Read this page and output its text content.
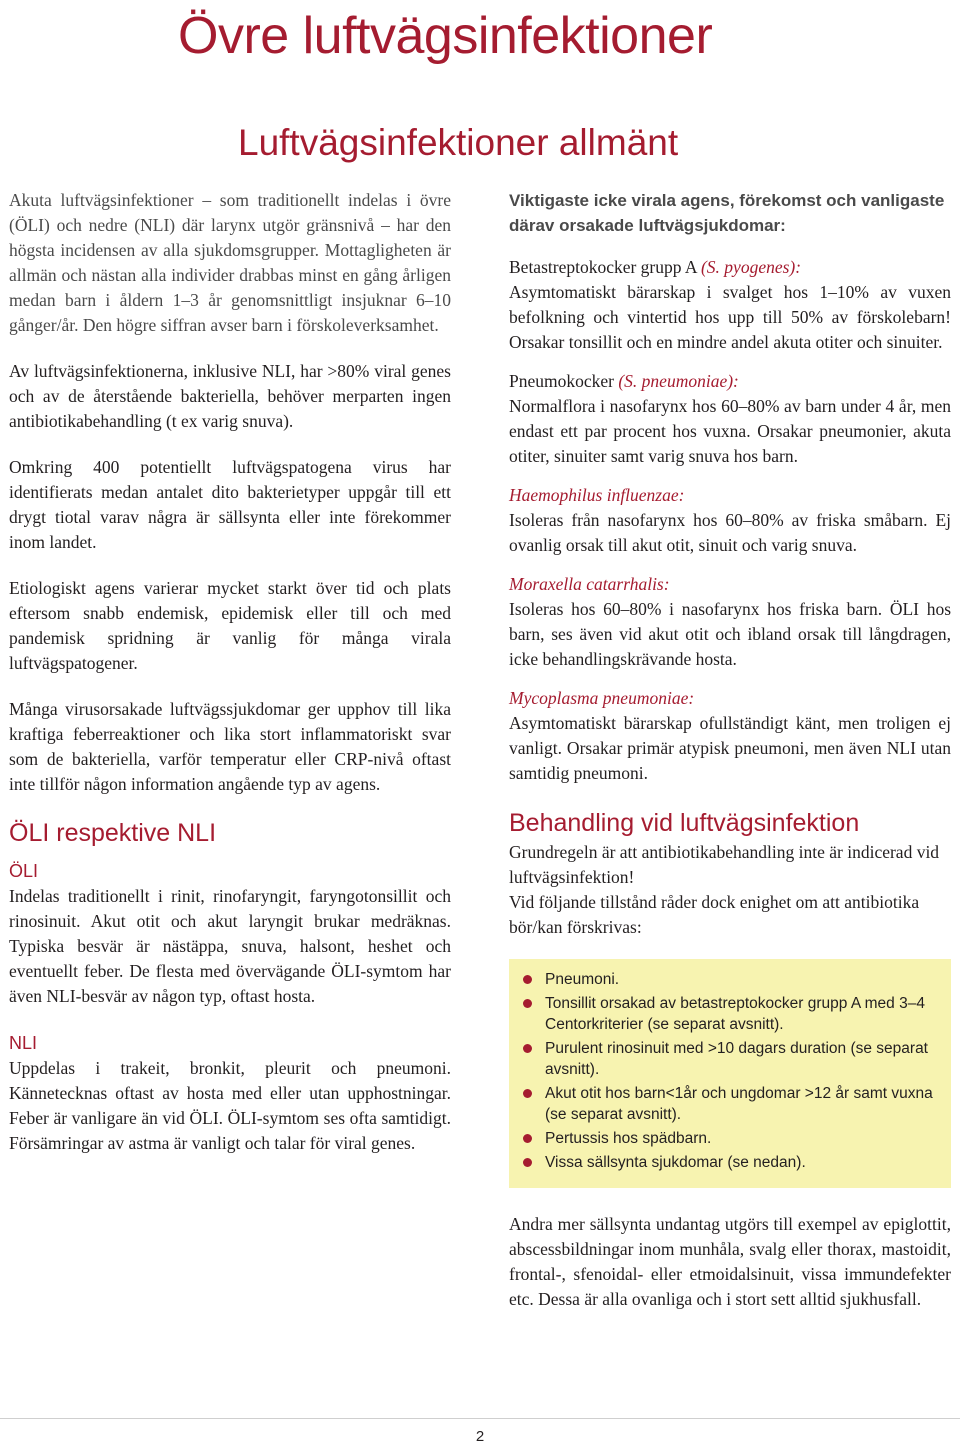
Övre luftvägsinfektioner
Luftvägsinfektioner allmänt

Akuta luftvägsinfektioner – som traditionellt indelas i övre (ÖLI) och nedre (NLI) där larynx utgör gränsnivå – har den högsta incidensen av alla sjukdomsgrupper. Mottagligheten är allmän och nästan alla individer drabbas minst en gång årligen medan barn i åldern 1–3 år genomsnittligt insjuknar 6–10 gånger/år. Den högre siffran avser barn i förskoleverksamhet.

Av luftvägsinfektionerna, inklusive NLI, har >80% viral genes och av de återstående bakteriella, behöver merparten ingen antibiotikabehandling (t ex varig snuva).

Omkring 400 potentiellt luftvägspatogena virus har identifierats medan antalet dito bakterietyper uppgår till ett drygt tiotal varav några är sällsynta eller inte förekommer inom landet.

Etiologiskt agens varierar mycket starkt över tid och plats eftersom snabb endemisk, epidemisk eller till och med pandemisk spridning är vanlig för många virala luftvägspatogener.

Många virusorsakade luftvägssjukdomar ger upphov till lika kraftiga feberreaktioner och lika stort inflammatoriskt svar som de bakteriella, varför temperatur eller CRP-nivå oftast inte tillför någon information angående typ av agens.

ÖLI respektive NLI
ÖLI

Indelas traditionellt i rinit, rinofaryngit, faryngotonsillit och rinosinuit. Akut otit och akut laryngit brukar medräknas. Typiska besvär är nästäppa, snuva, halsont, heshet och eventuellt feber. De flesta med övervägande ÖLI-symtom har även NLI-besvär av någon typ, oftast hosta.

NLI

Uppdelas i trakeit, bronkit, pleurit och pneumoni. Kännetecknas oftast av hosta med eller utan upphostningar. Feber är vanligare än vid ÖLI. ÖLI-symtom ses ofta samtidigt. Försämringar av astma är vanligt och talar för viral genes.

Viktigaste icke virala agens, förekomst och vanligaste därav orsakade luftvägsjukdomar:
Betastreptokocker grupp A (S. pyogenes):

Asymtomatiskt bärarskap i svalget hos 1–10% av vuxen befolkning och vintertid hos upp till 50% av förskolebarn! Orsakar tonsillit och en mindre andel akuta otiter och sinuiter.

Pneumokocker (S. pneumoniae):

Normalflora i nasofarynx hos 60–80% av barn under 4 år, men endast ett par procent hos vuxna. Orsakar pneumonier, akuta otiter, sinuiter samt varig snuva hos barn.

Haemophilus influenzae:

Isoleras från nasofarynx hos 60–80% av friska småbarn. Ej ovanlig orsak till akut otit, sinuit och varig snuva.

Moraxella catarrhalis:

Isoleras hos 60–80% i nasofarynx hos friska barn. ÖLI hos barn, ses även vid akut otit och ibland orsak till långdragen, icke behandlingskrävande hosta.

Mycoplasma pneumoniae:

Asymtomatiskt bärarskap ofullständigt känt, men troligen ej vanligt. Orsakar primär atypisk pneumoni, men även NLI utan samtidig pneumoni.

Behandling vid luftvägsinfektion

Grundregeln är att antibiotikabehandling inte är indicerad vid luftvägsinfektion!

Vid följande tillstånd råder dock enighet om att antibiotika bör/kan förskrivas:

Pneumoni.
Tonsillit orsakad av betastreptokocker grupp A med 3–4 Centorkriterier (se separat avsnitt).
Purulent rinosinuit med >10 dagars duration (se separat avsnitt).
Akut otit hos barn<1år och ungdomar >12 år samt vuxna (se separat avsnitt).
Pertussis hos spädbarn.
Vissa sällsynta sjukdomar (se nedan).

Andra mer sällsynta undantag utgörs till exempel av epiglottit, abscessbildningar inom munhåla, svalg eller thorax, mastoidit, frontal-, sfenoidal- eller etmoidalsinuit, vissa immundefekter etc. Dessa är alla ovanliga och i stort sett alltid sjukhusfall.

2
